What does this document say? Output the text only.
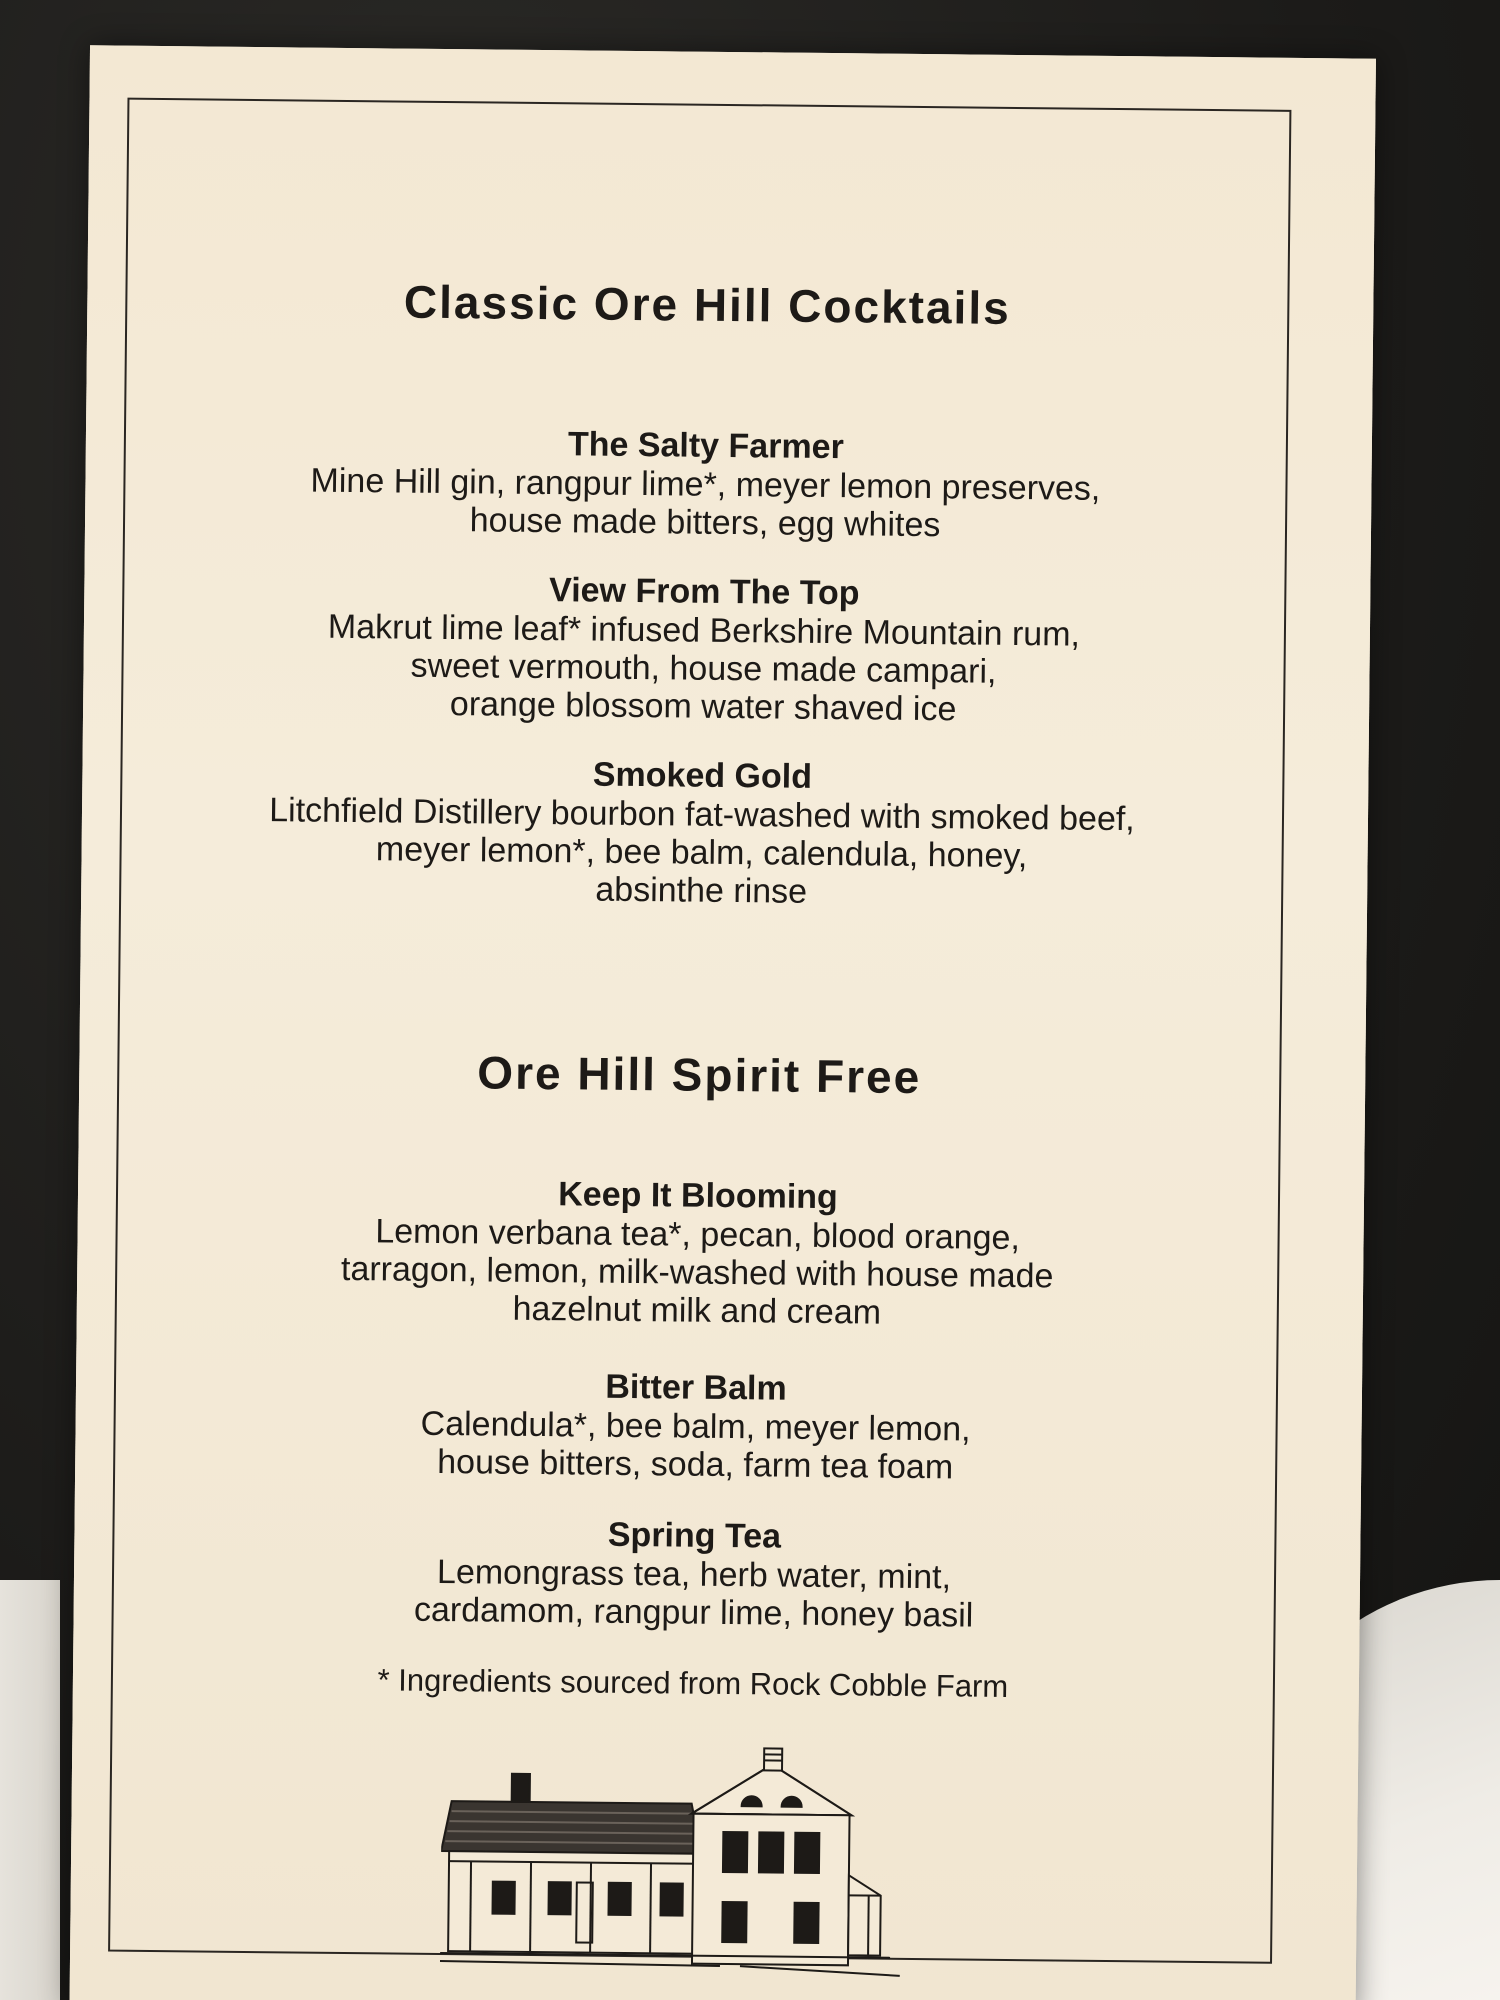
Classic Ore Hill Cocktails
The Salty Farmer
Mine Hill gin, rangpur lime*, meyer lemon preserves,
house made bitters, egg whites
View From The Top
Makrut lime leaf* infused Berkshire Mountain rum,
sweet vermouth, house made campari,
orange blossom water shaved ice
Smoked Gold
Litchfield Distillery bourbon fat-washed with smoked beef,
meyer lemon*, bee balm, calendula, honey,
absinthe rinse
Ore Hill Spirit Free
Keep It Blooming
Lemon verbana tea*, pecan, blood orange,
tarragon, lemon, milk-washed with house made
hazelnut milk and cream
Bitter Balm
Calendula*, bee balm, meyer lemon,
house bitters, soda, farm tea foam
Spring Tea
Lemongrass tea, herb water, mint,
cardamom, rangpur lime, honey basil
* Ingredients sourced from Rock Cobble Farm
